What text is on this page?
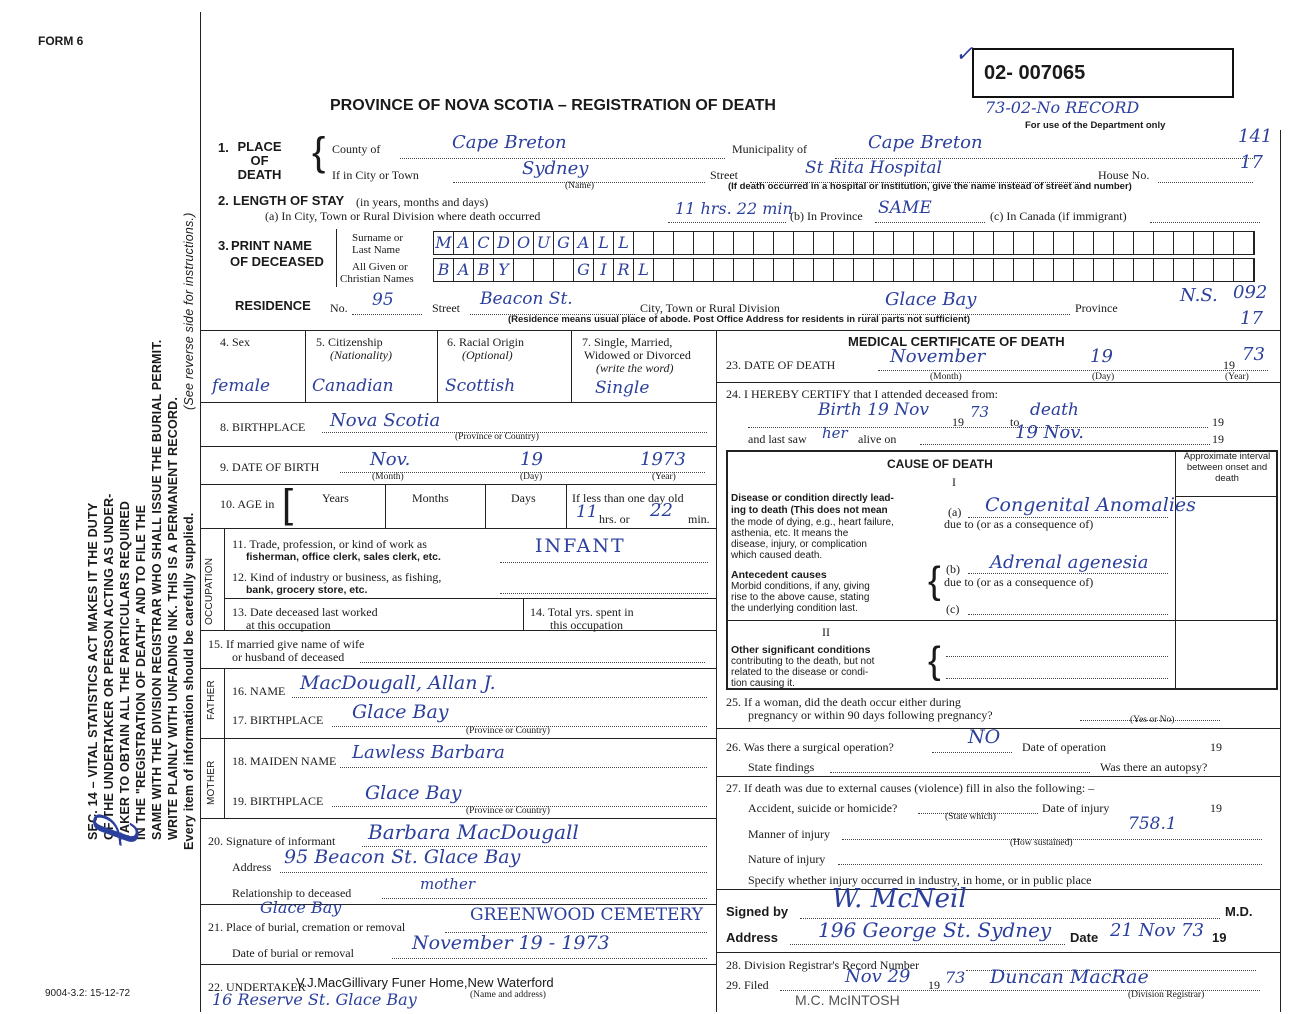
FORM 6
PROVINCE OF NOVA SCOTIA – REGISTRATION OF DEATH
9004-3.2: 15-12-72
02- 007065
73-02-No RECORD
For use of the Department only
✓
SEC. 14 – VITAL STATISTICS ACT MAKES IT THE DUTY OF THE UNDERTAKER OR PERSON ACTING AS UNDER- TAKER TO OBTAIN ALL THE PARTICULARS REQUIRED IN THE "REGISTRATION OF DEATH" AND TO FILE THE SAME WITH THE DIVISION REGISTRAR WHO SHALL ISSUE THE BURIAL PERMIT. WRITE PLAINLY WITH UNFADING INK. THIS IS A PERMANENT RECORD. Every item of information should be carefully supplied.
(See reverse side for instructions.)
ℓ
1. PLACE OF DEATH
{ County of	Cape Breton	Municipality of	Cape Breton	141
If in City or Town	Sydney
(Name)
Street	St Rita Hospital	House No.
17
(If death occurred in a hospital or institution, give the name instead of street and number)
2. LENGTH OF STAY (in years, months and days)
(a) In City, Town or Rural Division where death occurred	11 hrs. 22 min
(b) In Province SAME	(c) In Canada (if immigrant)
3. PRINT NAME
OF DECEASED
Surname or
Last Name
All Given or
Christian Names
M A C D O U G A L L
B A B Y	G I R L
RESIDENCE No. 95	Street Beacon St.	City, Town or Rural Division	Glace Bay	Province
N.S. 092
17
(Residence means usual place of abode. Post Office Address for residents in rural parts not sufficient)
4. Sex
female
5. Citizenship
(Nationality)
Canadian
6. Racial Origin
(Optional)
Scottish
7. Single, Married,
Widowed or Divorced
(write the word)
Single
8. BIRTHPLACE Nova Scotia
(Province or Country)
9. DATE OF BIRTH	Nov.	19	1973
(Month)	(Day)	(Year)
10. AGE in [ Years	Months	Days	If less than one day old
11 hrs. or 22 min.
OCCUPATION
11. Trade, profession, or kind of work as
fisherman, office clerk, sales clerk, etc.	INFANT
12. Kind of industry or business, as fishing,
bank, grocery store, etc.
13. Date deceased last worked
at this occupation
14. Total yrs. spent in
this occupation
15. If married give name of wife
or husband of deceased
FATHER 16. NAME MacDougall, Allan J.
17. BIRTHPLACE Glace Bay
(Province or Country)
MOTHER 18. MAIDEN NAME Lawless Barbara
19. BIRTHPLACE Glace Bay
(Province or Country)
20. Signature of informant Barbara MacDougall
Address 95 Beacon St. Glace Bay
Relationship to deceased	mother
Glace Bay
21. Place of burial, cremation or removal
GREENWOOD CEMETERY
Date of burial or removal	November 19 - 1973
22. UNDERTAKER
V.J.MacGillivary Funer Home,New Waterford
(Name and address)
16 Reserve St. Glace Bay
MEDICAL CERTIFICATE OF DEATH
23. DATE OF DEATH	November	19	19 73
(Month)	(Day)	(Year)
24. I HEREBY CERTIFY that I attended deceased from:
Birth 19 Nov
19
73
to
death
19
and last saw her alive on	19 Nov.	19
CAUSE OF DEATH
Approximate interval between onset and death
I
Disease or condition directly lead-
ing to death (This does not mean
the mode of dying, e.g., heart failure,
asthenia, etc. It means the
disease, injury, or complication
which caused death.
(a) Congenital Anomalies
due to (or as a consequence of)
Antecedent causes
Morbid conditions, if any, giving
rise to the above cause, stating
the underlying condition last.
{ (b) Adrenal agenesia
due to (or as a consequence of)
(c)
II
Other significant conditions
contributing to the death, but not
related to the disease or condi-
tion causing it.
{
25. If a woman, did the death occur either during
pregnancy or within 90 days following pregnancy?	(Yes or No)
26. Was there a surgical operation?	NO Date of operation	19
State findings	Was there an autopsy?
27. If death was due to external causes (violence) fill in also the following: –
Accident, suicide or homicide?	Date of injury	19
(State which)
Manner of injury	758.1
(How sustained)
Nature of injury
Specify whether injury occurred in industry, in home, or in public place
Signed by W. McNeil	M.D.
Address 196 George St. Sydney Date 21 Nov 73 19
28. Division Registrar's Record Number
29. Filed	Nov 29 19 73 Duncan MacRae
(Division Registrar)
M.C. McINTOSH
